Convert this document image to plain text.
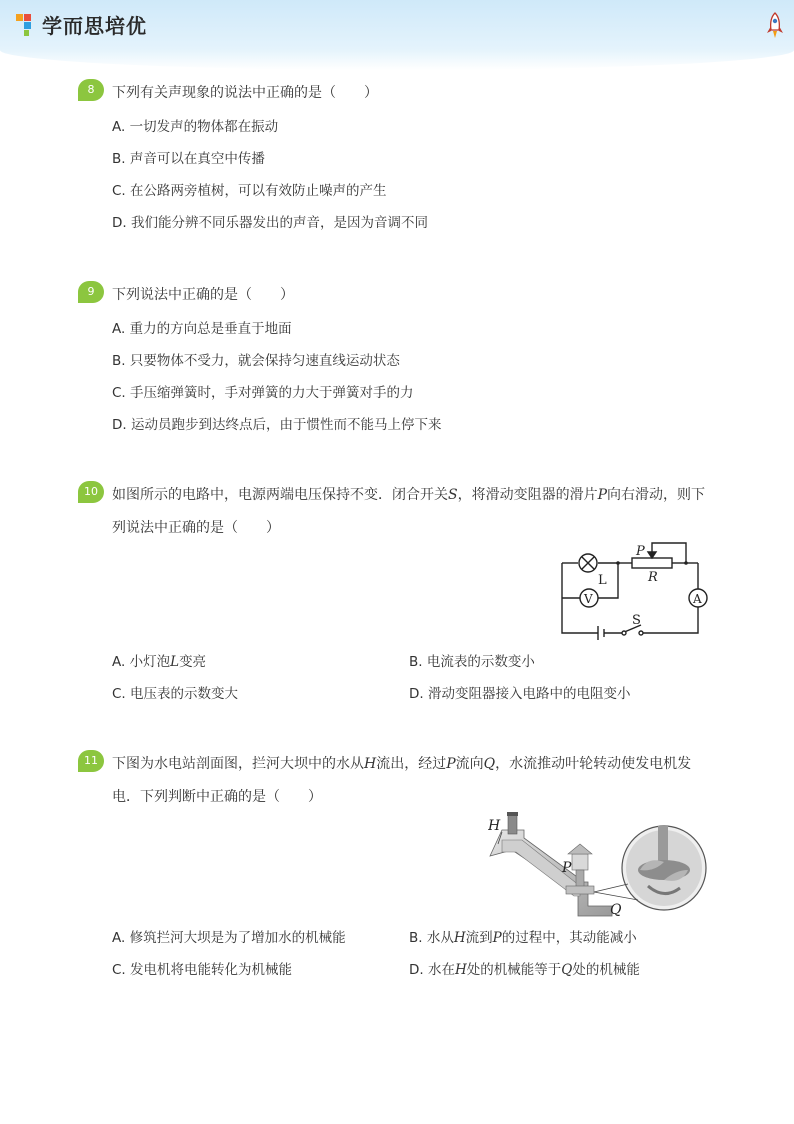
学而思培优
8	下列有关声现象的说法中正确的是（　　）
A. 一切发声的物体都在振动
B. 声音可以在真空中传播
C. 在公路两旁植树，可以有效防止噪声的产生
D. 我们能分辨不同乐器发出的声音，是因为音调不同
9	下列说法中正确的是（　　）
A. 重力的方向总是垂直于地面
B. 只要物体不受力，就会保持匀速直线运动状态
C. 手压缩弹簧时，手对弹簧的力大于弹簧对手的力
D. 运动员跑步到达终点后，由于惯性而不能马上停下来
10	如图所示的电路中，电源两端电压保持不变．闭合开关S，将滑动变阻器的滑片P向右滑动，则下
列说法中正确的是（　　）
A. 小灯泡L变亮	B. 电流表的示数变小
C. 电压表的示数变大	D. 滑动变阻器接入电路中的电阻变小
L
P
R
V	A
S
11	下图为水电站剖面图，拦河大坝中的水从H流出，经过P流向Q，水流推动叶轮转动使发电机发
电．下列判断中正确的是（　　）
A. 修筑拦河大坝是为了增加水的机械能	B. 水从H流到P的过程中，其动能减小
C. 发电机将电能转化为机械能	D. 水在H处的机械能等于Q处的机械能
H
P
Q
